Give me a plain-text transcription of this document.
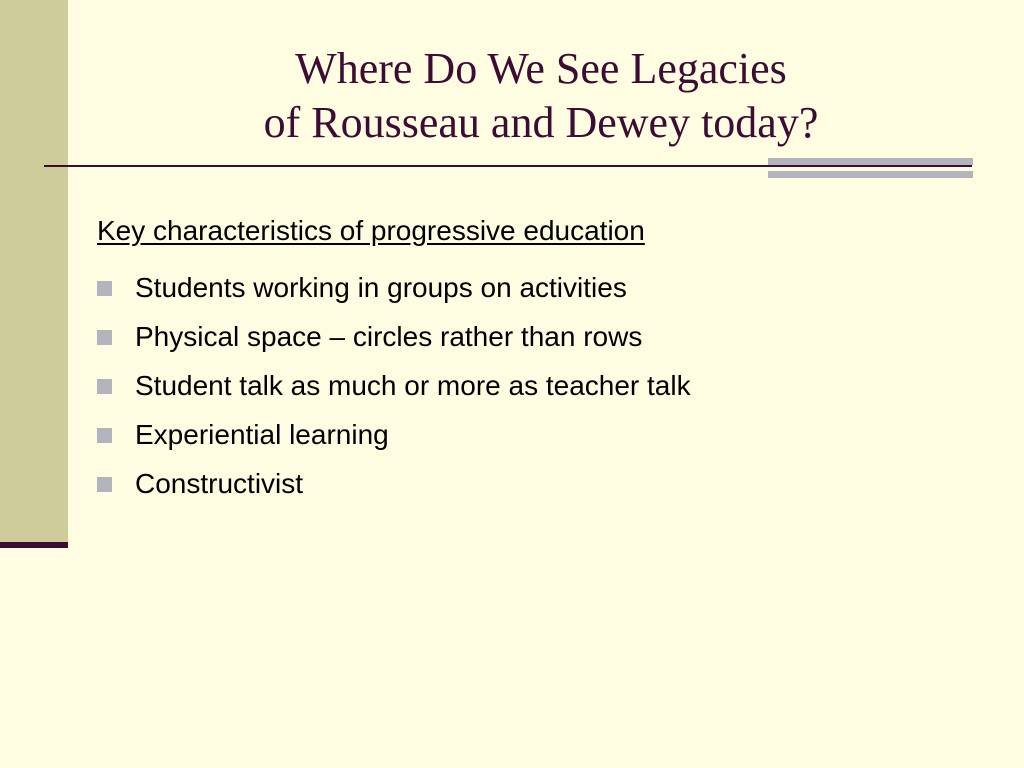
Where Do We See Legacies
of Rousseau and Dewey today?
Key characteristics of progressive education
Students working in groups on activities
Physical space – circles rather than rows
Student talk as much or more as teacher talk
Experiential learning
Constructivist
